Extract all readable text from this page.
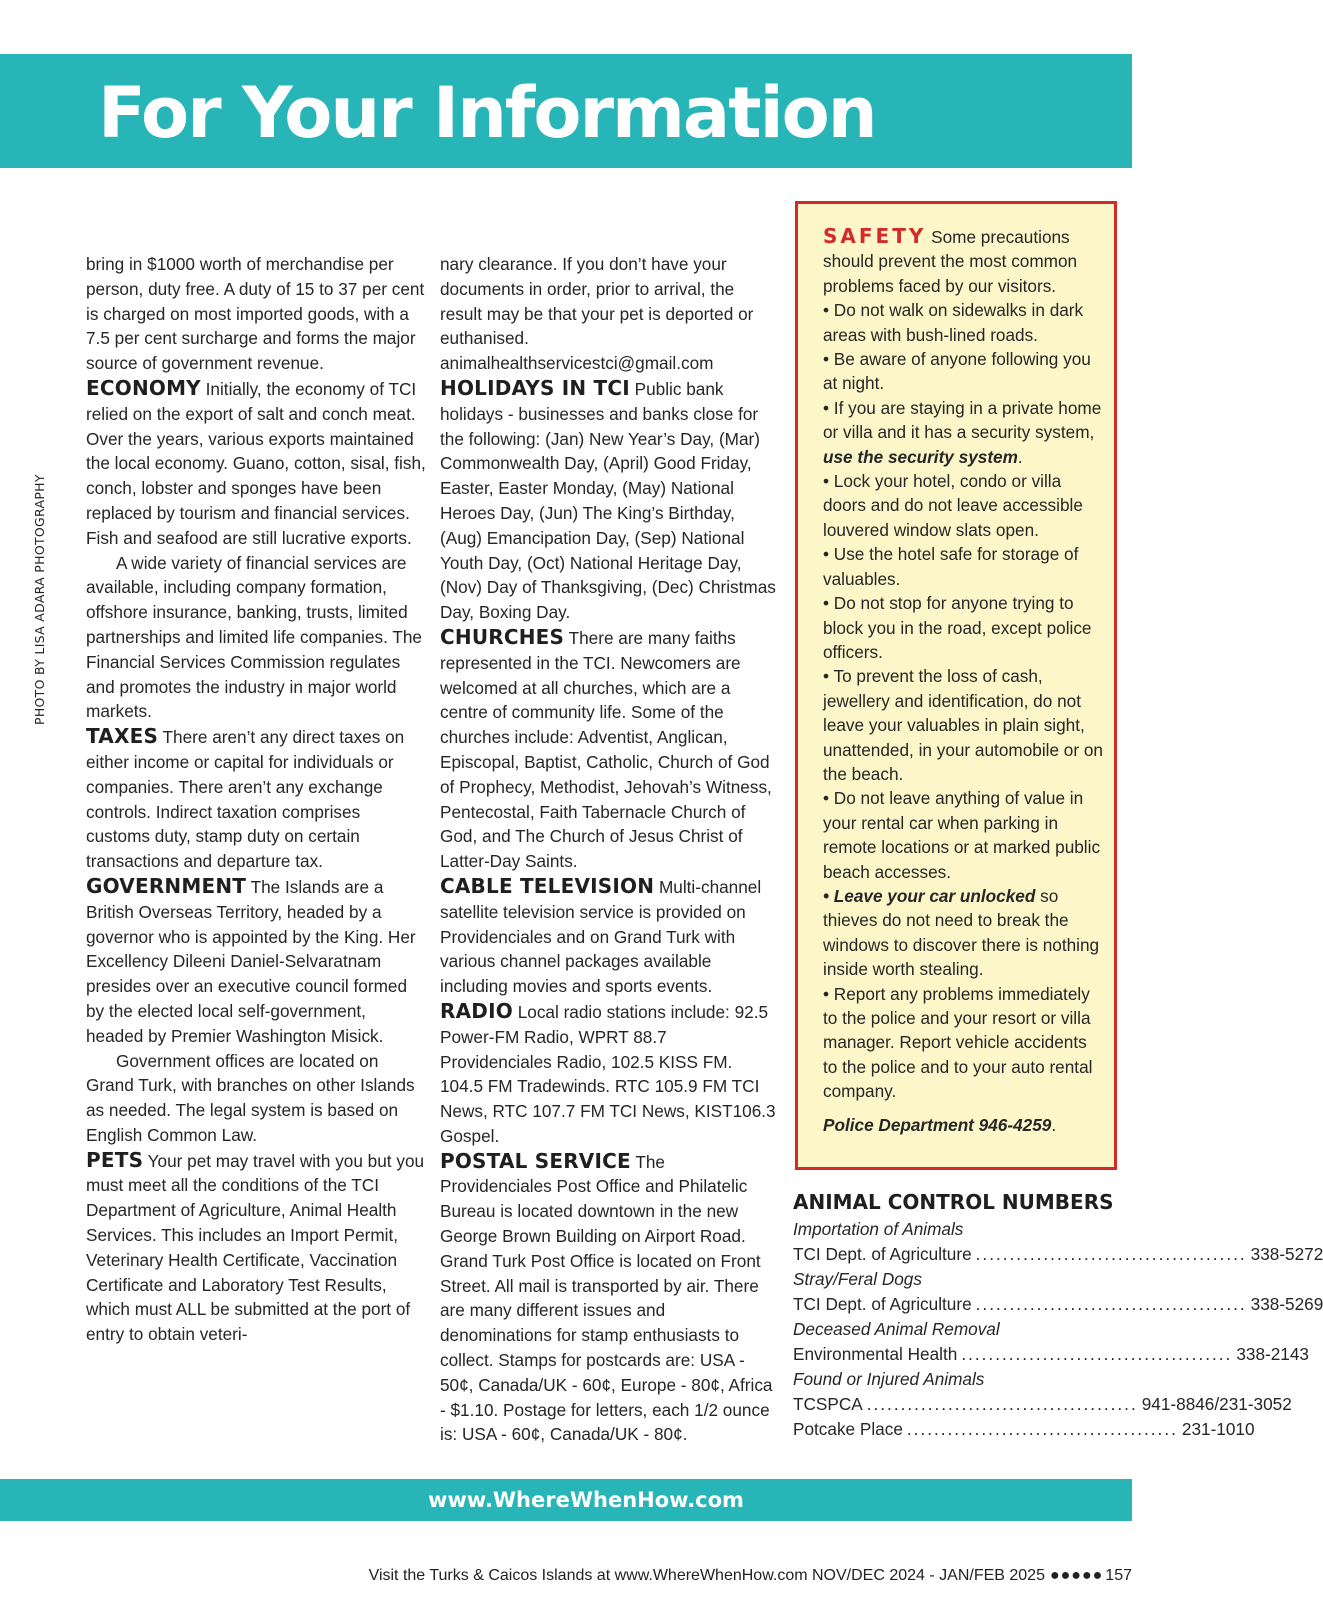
For Your Information
PHOTO BY LISA ADARA PHOTOGRAPHY

bring in $1000 worth of merchandise per person, duty free. A duty of 15 to 37 per cent is charged on most imported goods, with a 7.5 per cent surcharge and forms the major source of government revenue.

ECONOMY Initially, the economy of TCI relied on the export of salt and conch meat. Over the years, various exports maintained the local economy. Guano, cotton, sisal, fish, conch, lobster and sponges have been replaced by tourism and financial services. Fish and seafood are still lucrative exports.

A wide variety of financial services are available, including company formation, offshore insurance, banking, trusts, limited partnerships and limited life companies. The Financial Services Commission regulates and promotes the industry in major world markets.

TAXES There aren’t any direct taxes on either income or capital for individuals or companies. There aren’t any exchange controls. Indirect taxation comprises customs duty, stamp duty on certain transactions and departure tax.

GOVERNMENT The Islands are a British Overseas Territory, headed by a governor who is appointed by the King. Her Excellency Dileeni Daniel-Selvaratnam presides over an executive council formed by the elected local self-government, headed by Premier Washington Misick.

Government offices are located on Grand Turk, with branches on other Islands as needed. The legal system is based on English Common Law.

PETS Your pet may travel with you but you must meet all the conditions of the TCI Department of Agriculture, Animal Health Services. This includes an Import Permit, Veterinary Health Certificate, Vaccination Certificate and Laboratory Test Results, which must ALL be submitted at the port of entry to obtain veteri-

nary clearance. If you don’t have your documents in order, prior to arrival, the result may be that your pet is deported or euthanised.

animalhealthservicestci@gmail.com

HOLIDAYS IN TCI Public bank holidays - businesses and banks close for the following: (Jan) New Year’s Day, (Mar) Commonwealth Day, (April) Good Friday, Easter, Easter Monday, (May) National Heroes Day, (Jun) The King’s Birthday, (Aug) Emancipation Day, (Sep) National Youth Day, (Oct) National Heritage Day, (Nov) Day of Thanksgiving, (Dec) Christmas Day, Boxing Day.

CHURCHES There are many faiths represented in the TCI. Newcomers are welcomed at all churches, which are a centre of community life. Some of the churches include: Adventist, Anglican, Episcopal, Baptist, Catholic, Church of God of Prophecy, Methodist, Jehovah’s Witness, Pentecostal, Faith Tabernacle Church of God, and The Church of Jesus Christ of Latter-Day Saints.

CABLE TELEVISION Multi-channel satellite television service is provided on Providenciales and on Grand Turk with various channel packages available including movies and sports events.

RADIO Local radio stations include: 92.5 Power-FM Radio, WPRT 88.7 Providenciales Radio, 102.5 KISS FM. 104.5 FM Tradewinds. RTC 105.9 FM TCI News, RTC 107.7 FM TCI News, KIST106.3 Gospel.

POSTAL SERVICE The Providenciales Post Office and Philatelic Bureau is located downtown in the new George Brown Building on Airport Road. Grand Turk Post Office is located on Front Street. All mail is transported by air. There are many different issues and denominations for stamp enthusiasts to collect. Stamps for postcards are: USA - 50¢, Canada/UK - 60¢, Europe - 80¢, Africa - $1.10. Postage for letters, each 1/2 ounce is: USA - 60¢, Canada/UK - 80¢.

SAFETY Some precautions should prevent the most common problems faced by our visitors.

• Do not walk on sidewalks in dark areas with bush-lined roads.

• Be aware of anyone following you at night.

• If you are staying in a private home or villa and it has a security system, use the security system.

• Lock your hotel, condo or villa doors and do not leave accessible louvered window slats open.

• Use the hotel safe for storage of valuables.

• Do not stop for anyone trying to block you in the road, except police officers.

• To prevent the loss of cash, jewellery and identification, do not leave your valuables in plain sight, unattended, in your automobile or on the beach.

• Do not leave anything of value in your rental car when parking in remote locations or at marked public beach accesses.

• Leave your car unlocked so thieves do not need to break the windows to discover there is nothing inside worth stealing.

• Report any problems immediately to the police and your resort or villa manager. Report vehicle accidents to the police and to your auto rental company.

Police Department 946-4259.

ANIMAL CONTROL NUMBERS
Importation of Animals
TCI Dept. of Agriculture ........................................ 338-5272
Stray/Feral Dogs
TCI Dept. of Agriculture ........................................ 338-5269
Deceased Animal Removal
Environmental Health ........................................ 338-2143
Found or Injured Animals
TCSPCA ........................................ 941-8846/231-3052
Potcake Place ........................................ 231-1010
www.WhereWhenHow.com
Visit the Turks & Caicos Islands at www.WhereWhenHow.com NOV/DEC 2024 - JAN/FEB 2025 ●●●●● 157
